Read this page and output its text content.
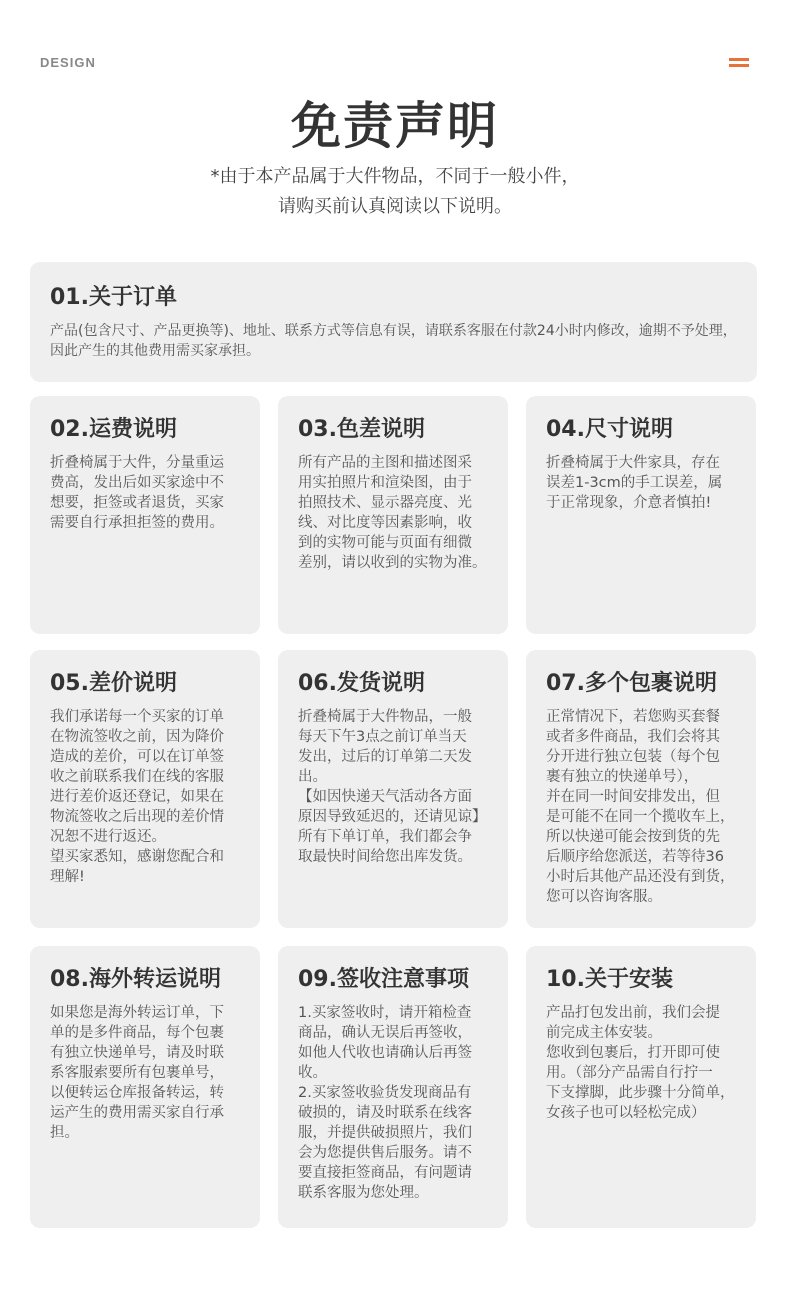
DESIGN
免责声明
*由于本产品属于大件物品，不同于一般小件，
请购买前认真阅读以下说明。
01.关于订单

产品(包含尺寸、产品更换等)、地址、联系方式等信息有误，请联系客服在付款24小时内修改，逾期不予处理，因此产生的其他费用需买家承担。

02.运费说明

折叠椅属于大件，分量重运
费高，发出后如买家途中不
想要，拒签或者退货，买家
需要自行承担拒签的费用。

03.色差说明

所有产品的主图和描述图采
用实拍照片和渲染图，由于
拍照技术、显示器亮度、光
线、对比度等因素影响，收
到的实物可能与页面有细微
差别，请以收到的实物为准。

04.尺寸说明

折叠椅属于大件家具，存在
误差1-3cm的手工误差，属
于正常现象，介意者慎拍!

05.差价说明

我们承诺每一个买家的订单
在物流签收之前，因为降价
造成的差价，可以在订单签
收之前联系我们在线的客服
进行差价返还登记，如果在
物流签收之后出现的差价情
况恕不进行返还。
望买家悉知，感谢您配合和
理解!

06.发货说明

折叠椅属于大件物品，一般
每天下午3点之前订单当天
发出，过后的订单第二天发
出。
【如因快递天气活动各方面
原因导致延迟的，还请见谅】
所有下单订单，我们都会争
取最快时间给您出库发货。

07.多个包裹说明

正常情况下，若您购买套餐
或者多件商品，我们会将其
分开进行独立包装（每个包
裹有独立的快递单号），
并在同一时间安排发出，但
是可能不在同一个揽收车上，
所以快递可能会按到货的先
后顺序给您派送，若等待36
小时后其他产品还没有到货，
您可以咨询客服。

08.海外转运说明

如果您是海外转运订单，下
单的是多件商品，每个包裹
有独立快递单号，请及时联
系客服索要所有包裹单号，
以便转运仓库报备转运，转
运产生的费用需买家自行承
担。

09.签收注意事项

1.买家签收时，请开箱检查
商品，确认无误后再签收，
如他人代收也请确认后再签
收。
2.买家签收验货发现商品有
破损的，请及时联系在线客
服，并提供破损照片，我们
会为您提供售后服务。请不
要直接拒签商品，有问题请
联系客服为您处理。

10.关于安装

产品打包发出前，我们会提
前完成主体安装。
您收到包裹后，打开即可使
用。（部分产品需自行拧一
下支撑脚，此步骤十分简单，
女孩子也可以轻松完成）
